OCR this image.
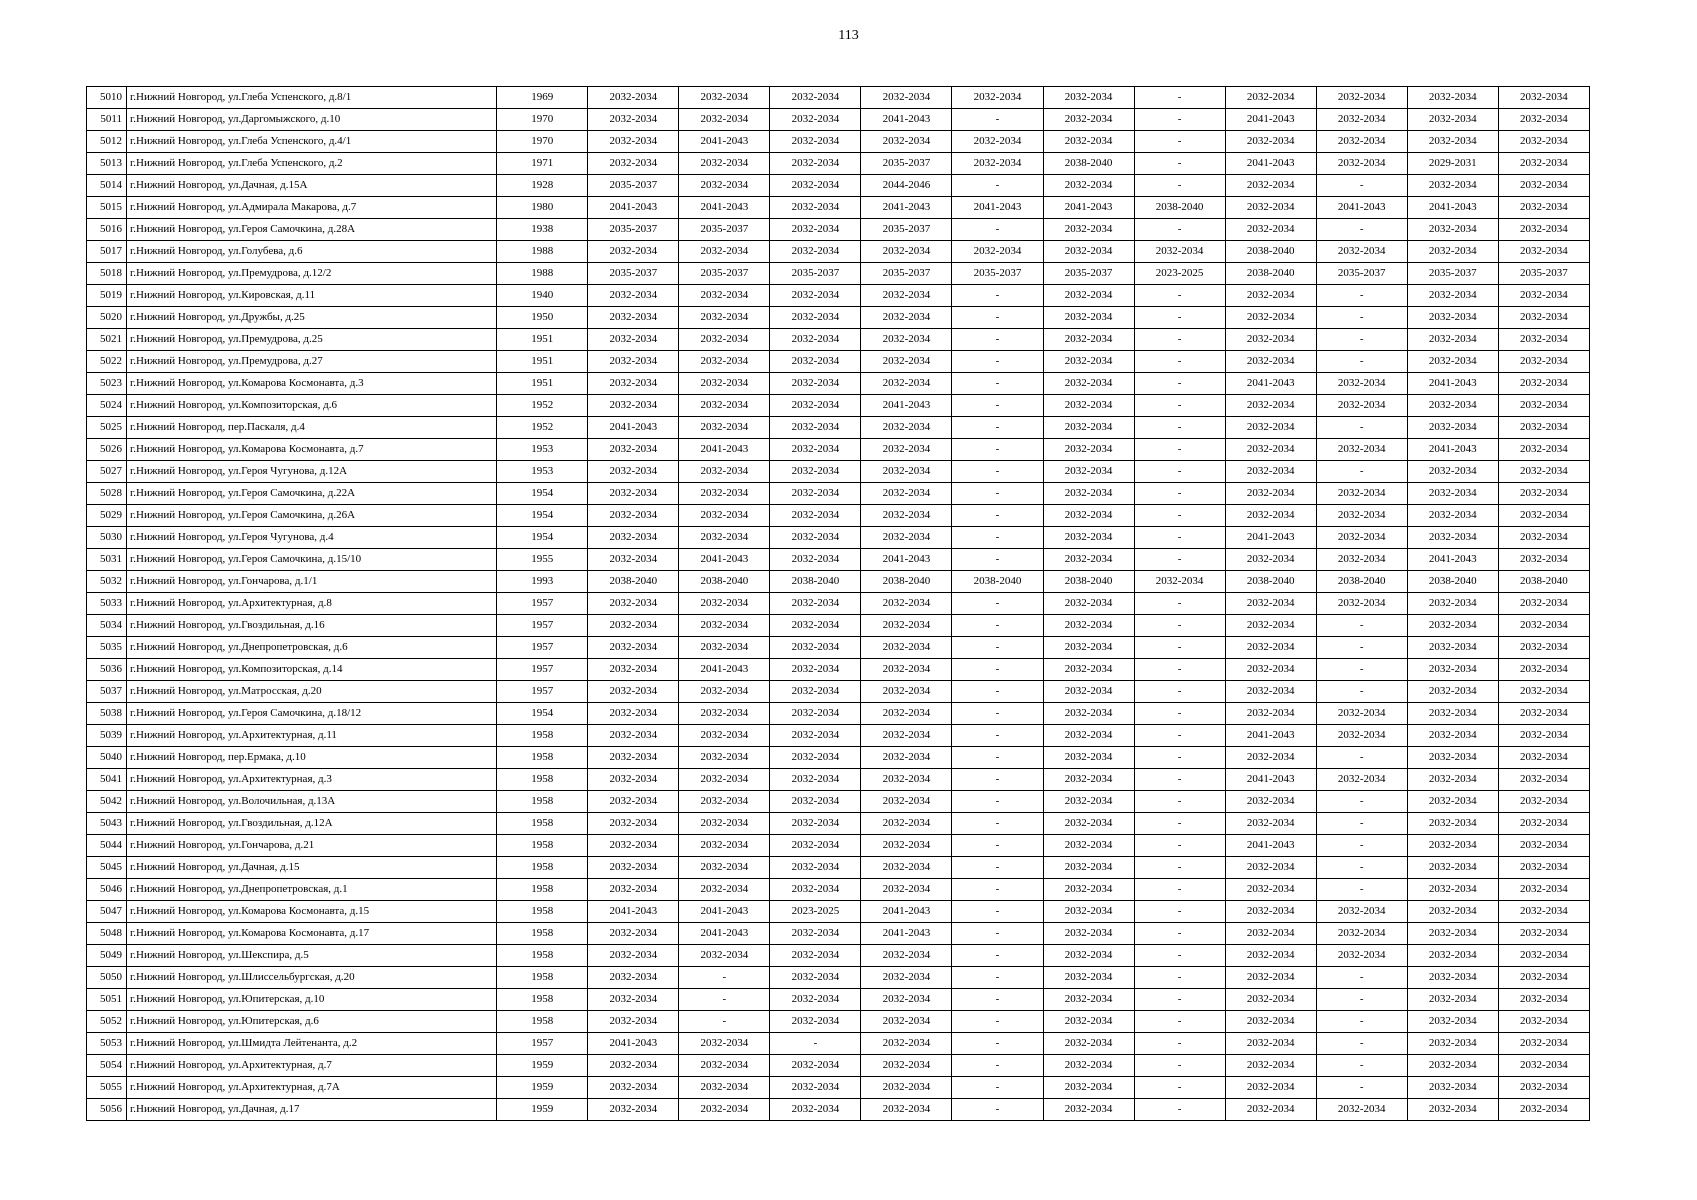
113
5010	г.Нижний Новгород, ул.Глеба Успенского, д.8/1	1969	2032-2034	2032-2034	2032-2034	2032-2034	2032-2034	2032-2034	-	2032-2034	2032-2034	2032-2034	2032-2034
5011	г.Нижний Новгород, ул.Даргомыжского, д.10	1970	2032-2034	2032-2034	2032-2034	2041-2043	-	2032-2034	-	2041-2043	2032-2034	2032-2034	2032-2034
5012	г.Нижний Новгород, ул.Глеба Успенского, д.4/1	1970	2032-2034	2041-2043	2032-2034	2032-2034	2032-2034	2032-2034	-	2032-2034	2032-2034	2032-2034	2032-2034
5013	г.Нижний Новгород, ул.Глеба Успенского, д.2	1971	2032-2034	2032-2034	2032-2034	2035-2037	2032-2034	2038-2040	-	2041-2043	2032-2034	2029-2031	2032-2034
5014	г.Нижний Новгород, ул.Дачная, д.15А	1928	2035-2037	2032-2034	2032-2034	2044-2046	-	2032-2034	-	2032-2034	-	2032-2034	2032-2034
5015	г.Нижний Новгород, ул.Адмирала Макарова, д.7	1980	2041-2043	2041-2043	2032-2034	2041-2043	2041-2043	2041-2043	2038-2040	2032-2034	2041-2043	2041-2043	2032-2034
5016	г.Нижний Новгород, ул.Героя Самочкина, д.28А	1938	2035-2037	2035-2037	2032-2034	2035-2037	-	2032-2034	-	2032-2034	-	2032-2034	2032-2034
5017	г.Нижний Новгород, ул.Голубева, д.6	1988	2032-2034	2032-2034	2032-2034	2032-2034	2032-2034	2032-2034	2032-2034	2038-2040	2032-2034	2032-2034	2032-2034
5018	г.Нижний Новгород, ул.Премудрова, д.12/2	1988	2035-2037	2035-2037	2035-2037	2035-2037	2035-2037	2035-2037	2023-2025	2038-2040	2035-2037	2035-2037	2035-2037
5019	г.Нижний Новгород, ул.Кировская, д.11	1940	2032-2034	2032-2034	2032-2034	2032-2034	-	2032-2034	-	2032-2034	-	2032-2034	2032-2034
5020	г.Нижний Новгород, ул.Дружбы, д.25	1950	2032-2034	2032-2034	2032-2034	2032-2034	-	2032-2034	-	2032-2034	-	2032-2034	2032-2034
5021	г.Нижний Новгород, ул.Премудрова, д.25	1951	2032-2034	2032-2034	2032-2034	2032-2034	-	2032-2034	-	2032-2034	-	2032-2034	2032-2034
5022	г.Нижний Новгород, ул.Премудрова, д.27	1951	2032-2034	2032-2034	2032-2034	2032-2034	-	2032-2034	-	2032-2034	-	2032-2034	2032-2034
5023	г.Нижний Новгород, ул.Комарова Космонавта, д.3	1951	2032-2034	2032-2034	2032-2034	2032-2034	-	2032-2034	-	2041-2043	2032-2034	2041-2043	2032-2034
5024	г.Нижний Новгород, ул.Композиторская, д.6	1952	2032-2034	2032-2034	2032-2034	2041-2043	-	2032-2034	-	2032-2034	2032-2034	2032-2034	2032-2034
5025	г.Нижний Новгород, пер.Паскаля, д.4	1952	2041-2043	2032-2034	2032-2034	2032-2034	-	2032-2034	-	2032-2034	-	2032-2034	2032-2034
5026	г.Нижний Новгород, ул.Комарова Космонавта, д.7	1953	2032-2034	2041-2043	2032-2034	2032-2034	-	2032-2034	-	2032-2034	2032-2034	2041-2043	2032-2034
5027	г.Нижний Новгород, ул.Героя Чугунова, д.12А	1953	2032-2034	2032-2034	2032-2034	2032-2034	-	2032-2034	-	2032-2034	-	2032-2034	2032-2034
5028	г.Нижний Новгород, ул.Героя Самочкина, д.22А	1954	2032-2034	2032-2034	2032-2034	2032-2034	-	2032-2034	-	2032-2034	2032-2034	2032-2034	2032-2034
5029	г.Нижний Новгород, ул.Героя Самочкина, д.26А	1954	2032-2034	2032-2034	2032-2034	2032-2034	-	2032-2034	-	2032-2034	2032-2034	2032-2034	2032-2034
5030	г.Нижний Новгород, ул.Героя Чугунова, д.4	1954	2032-2034	2032-2034	2032-2034	2032-2034	-	2032-2034	-	2041-2043	2032-2034	2032-2034	2032-2034
5031	г.Нижний Новгород, ул.Героя Самочкина, д.15/10	1955	2032-2034	2041-2043	2032-2034	2041-2043	-	2032-2034	-	2032-2034	2032-2034	2041-2043	2032-2034
5032	г.Нижний Новгород, ул.Гончарова, д.1/1	1993	2038-2040	2038-2040	2038-2040	2038-2040	2038-2040	2038-2040	2032-2034	2038-2040	2038-2040	2038-2040	2038-2040
5033	г.Нижний Новгород, ул.Архитектурная, д.8	1957	2032-2034	2032-2034	2032-2034	2032-2034	-	2032-2034	-	2032-2034	2032-2034	2032-2034	2032-2034
5034	г.Нижний Новгород, ул.Гвоздильная, д.16	1957	2032-2034	2032-2034	2032-2034	2032-2034	-	2032-2034	-	2032-2034	-	2032-2034	2032-2034
5035	г.Нижний Новгород, ул.Днепропетровская, д.6	1957	2032-2034	2032-2034	2032-2034	2032-2034	-	2032-2034	-	2032-2034	-	2032-2034	2032-2034
5036	г.Нижний Новгород, ул.Композиторская, д.14	1957	2032-2034	2041-2043	2032-2034	2032-2034	-	2032-2034	-	2032-2034	-	2032-2034	2032-2034
5037	г.Нижний Новгород, ул.Матросская, д.20	1957	2032-2034	2032-2034	2032-2034	2032-2034	-	2032-2034	-	2032-2034	-	2032-2034	2032-2034
5038	г.Нижний Новгород, ул.Героя Самочкина, д.18/12	1954	2032-2034	2032-2034	2032-2034	2032-2034	-	2032-2034	-	2032-2034	2032-2034	2032-2034	2032-2034
5039	г.Нижний Новгород, ул.Архитектурная, д.11	1958	2032-2034	2032-2034	2032-2034	2032-2034	-	2032-2034	-	2041-2043	2032-2034	2032-2034	2032-2034
5040	г.Нижний Новгород, пер.Ермака, д.10	1958	2032-2034	2032-2034	2032-2034	2032-2034	-	2032-2034	-	2032-2034	-	2032-2034	2032-2034
5041	г.Нижний Новгород, ул.Архитектурная, д.3	1958	2032-2034	2032-2034	2032-2034	2032-2034	-	2032-2034	-	2041-2043	2032-2034	2032-2034	2032-2034
5042	г.Нижний Новгород, ул.Волочильная, д.13А	1958	2032-2034	2032-2034	2032-2034	2032-2034	-	2032-2034	-	2032-2034	-	2032-2034	2032-2034
5043	г.Нижний Новгород, ул.Гвоздильная, д.12А	1958	2032-2034	2032-2034	2032-2034	2032-2034	-	2032-2034	-	2032-2034	-	2032-2034	2032-2034
5044	г.Нижний Новгород, ул.Гончарова, д.21	1958	2032-2034	2032-2034	2032-2034	2032-2034	-	2032-2034	-	2041-2043	-	2032-2034	2032-2034
5045	г.Нижний Новгород, ул.Дачная, д.15	1958	2032-2034	2032-2034	2032-2034	2032-2034	-	2032-2034	-	2032-2034	-	2032-2034	2032-2034
5046	г.Нижний Новгород, ул.Днепропетровская, д.1	1958	2032-2034	2032-2034	2032-2034	2032-2034	-	2032-2034	-	2032-2034	-	2032-2034	2032-2034
5047	г.Нижний Новгород, ул.Комарова Космонавта, д.15	1958	2041-2043	2041-2043	2023-2025	2041-2043	-	2032-2034	-	2032-2034	2032-2034	2032-2034	2032-2034
5048	г.Нижний Новгород, ул.Комарова Космонавта, д.17	1958	2032-2034	2041-2043	2032-2034	2041-2043	-	2032-2034	-	2032-2034	2032-2034	2032-2034	2032-2034
5049	г.Нижний Новгород, ул.Шекспира, д.5	1958	2032-2034	2032-2034	2032-2034	2032-2034	-	2032-2034	-	2032-2034	2032-2034	2032-2034	2032-2034
5050	г.Нижний Новгород, ул.Шлиссельбургская, д.20	1958	2032-2034	-	2032-2034	2032-2034	-	2032-2034	-	2032-2034	-	2032-2034	2032-2034
5051	г.Нижний Новгород, ул.Юпитерская, д.10	1958	2032-2034	-	2032-2034	2032-2034	-	2032-2034	-	2032-2034	-	2032-2034	2032-2034
5052	г.Нижний Новгород, ул.Юпитерская, д.6	1958	2032-2034	-	2032-2034	2032-2034	-	2032-2034	-	2032-2034	-	2032-2034	2032-2034
5053	г.Нижний Новгород, ул.Шмидта Лейтенанта, д.2	1957	2041-2043	2032-2034	-	2032-2034	-	2032-2034	-	2032-2034	-	2032-2034	2032-2034
5054	г.Нижний Новгород, ул.Архитектурная, д.7	1959	2032-2034	2032-2034	2032-2034	2032-2034	-	2032-2034	-	2032-2034	-	2032-2034	2032-2034
5055	г.Нижний Новгород, ул.Архитектурная, д.7А	1959	2032-2034	2032-2034	2032-2034	2032-2034	-	2032-2034	-	2032-2034	-	2032-2034	2032-2034
5056	г.Нижний Новгород, ул.Дачная, д.17	1959	2032-2034	2032-2034	2032-2034	2032-2034	-	2032-2034	-	2032-2034	2032-2034	2032-2034	2032-2034
